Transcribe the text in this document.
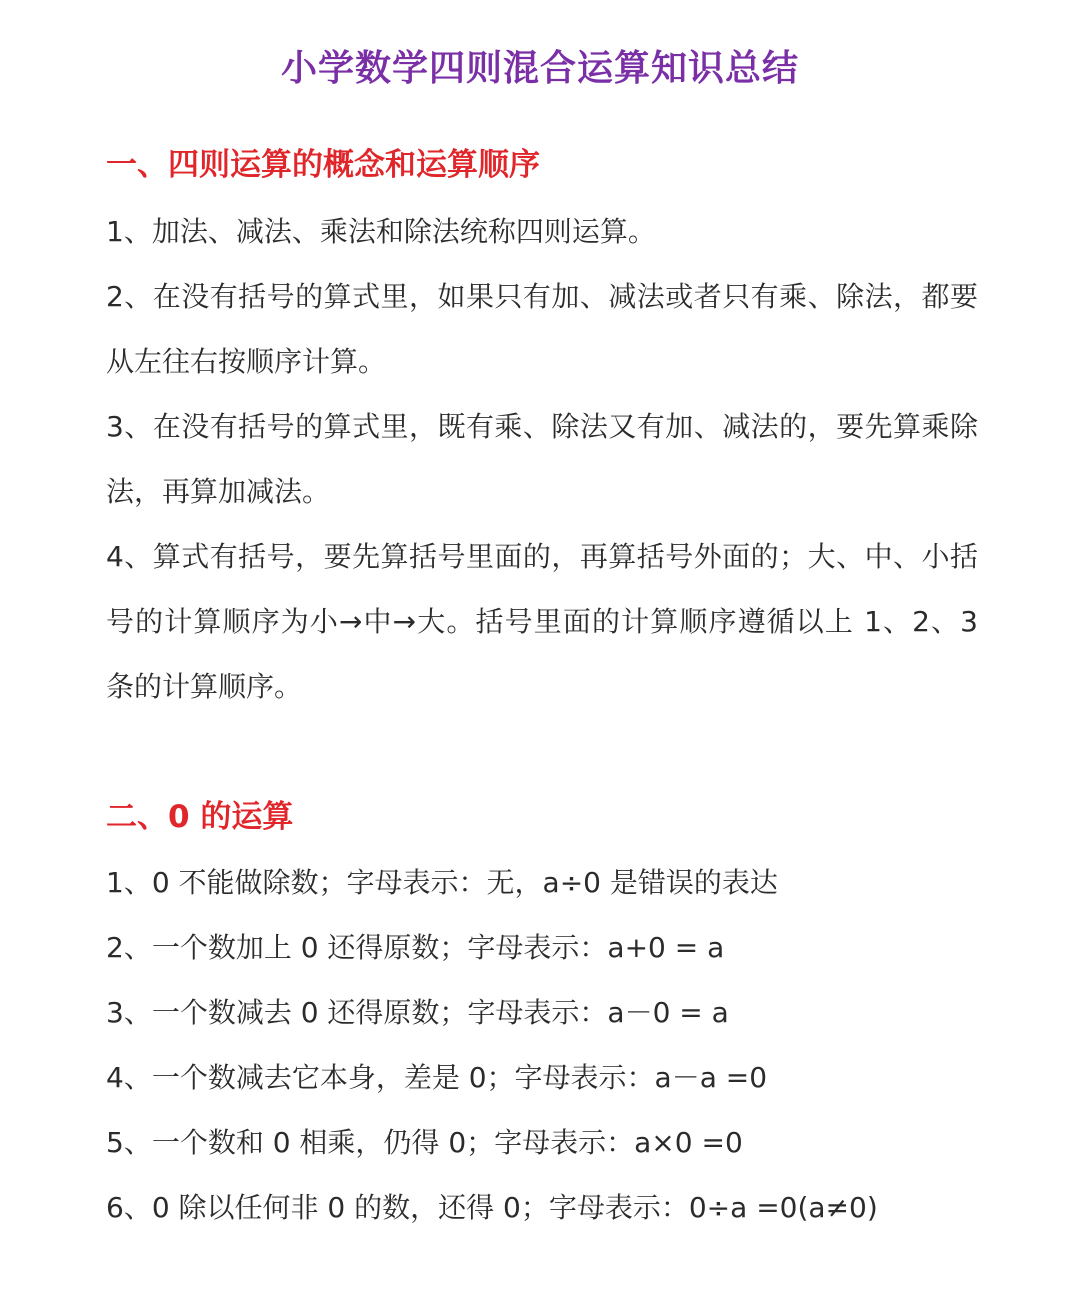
小学数学四则混合运算知识总结
一、四则运算的概念和运算顺序
1、加法、减法、乘法和除法统称四则运算。
2、在没有括号的算式里，如果只有加、减法或者只有乘、除法，都要从左往右按顺序计算。
3、在没有括号的算式里，既有乘、除法又有加、减法的，要先算乘除法，再算加减法。
4、算式有括号，要先算括号里面的，再算括号外面的；大、中、小括号的计算顺序为小→中→大。括号里面的计算顺序遵循以上 1、2、3 条的计算顺序。
二、0 的运算
1、0 不能做除数；字母表示：无，a÷0 是错误的表达
2、一个数加上 0 还得原数；字母表示：a+0 = a
3、一个数减去 0 还得原数；字母表示：a－0 = a
4、一个数减去它本身，差是 0；字母表示：a－a =0
5、一个数和 0 相乘，仍得 0；字母表示：a×0 =0
6、0 除以任何非 0 的数，还得 0；字母表示：0÷a =0(a≠0)
